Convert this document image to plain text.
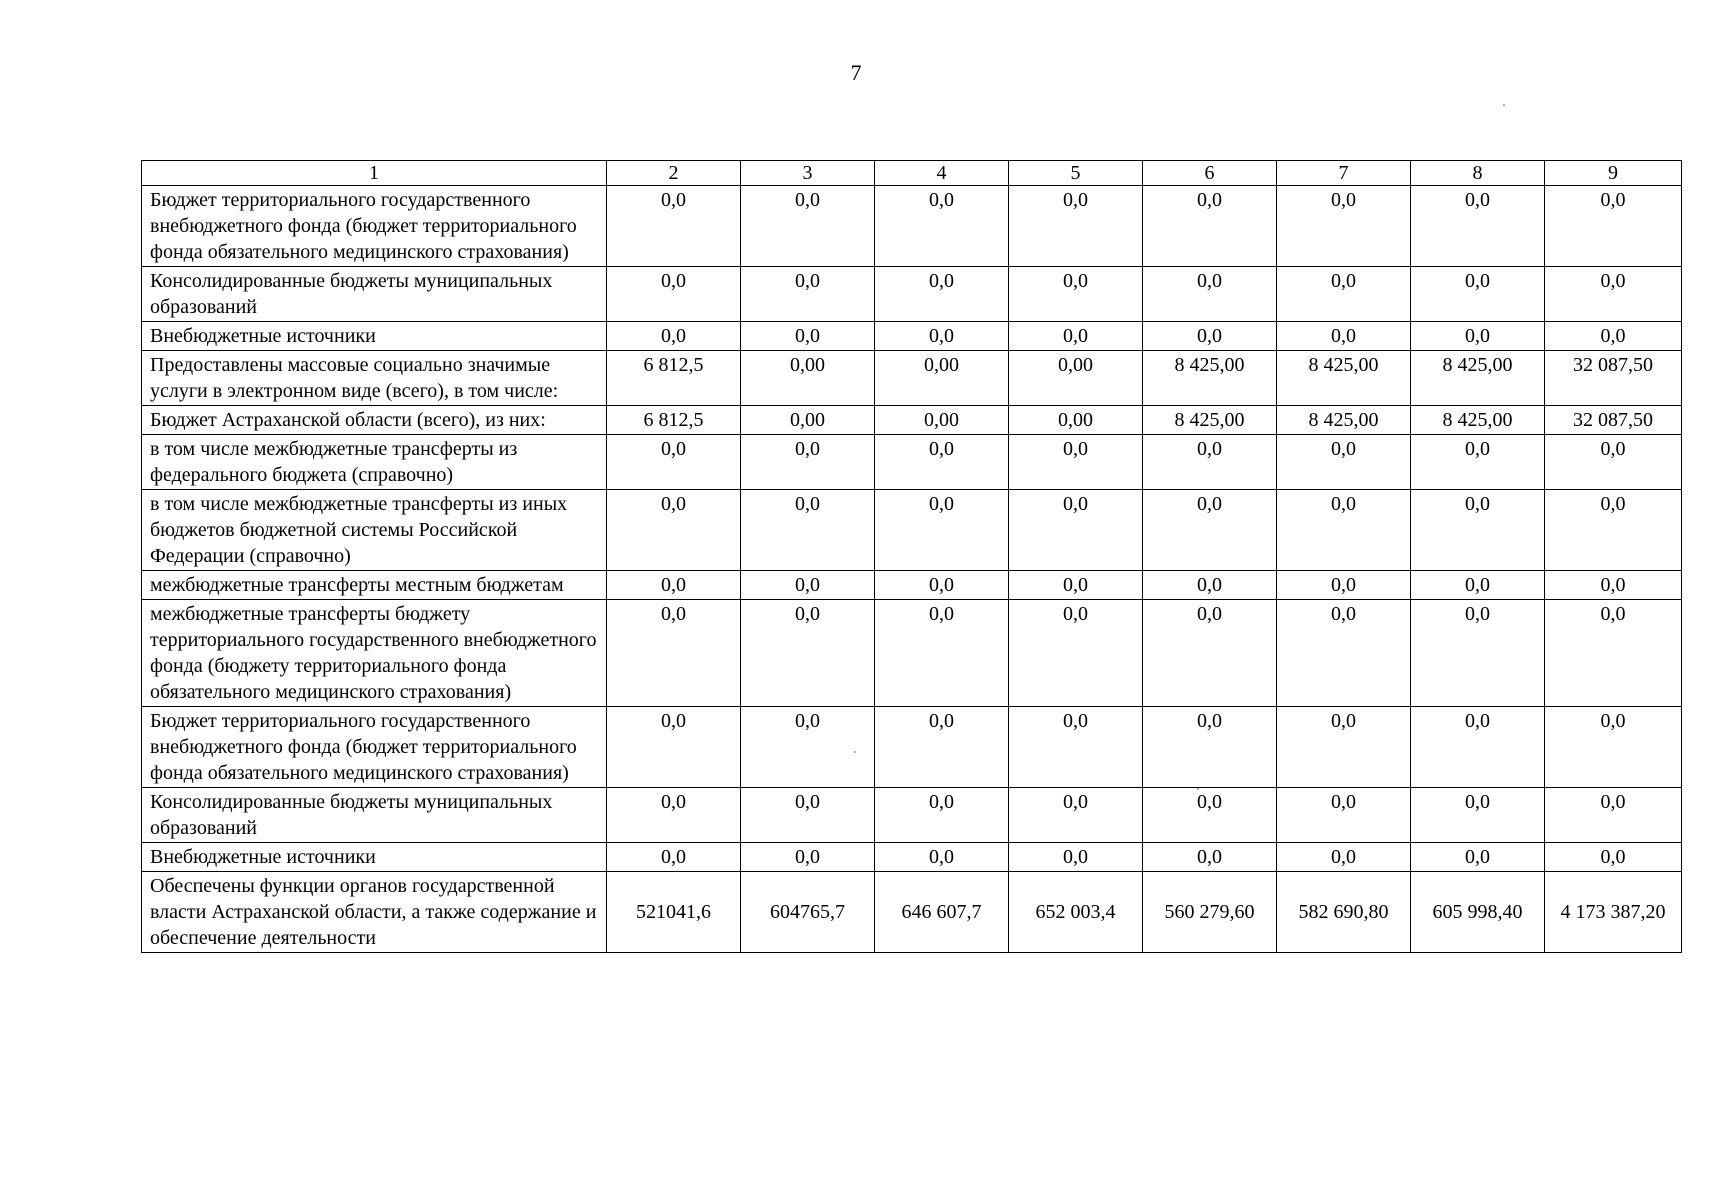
7
1	2	3	4	5	6	7	8	9
Бюджет территориального государственного внебюджетного фонда (бюджет территориального фонда обязательного медицинского страхования)	0,0	0,0	0,0	0,0	0,0	0,0	0,0	0,0
Консолидированные бюджеты муниципальных образований	0,0	0,0	0,0	0,0	0,0	0,0	0,0	0,0
Внебюджетные источники	0,0	0,0	0,0	0,0	0,0	0,0	0,0	0,0
Предоставлены массовые социально значимые услуги в электронном виде (всего), в том числе:	6 812,5	0,00	0,00	0,00	8 425,00	8 425,00	8 425,00	32 087,50
Бюджет Астраханской области (всего), из них:	6 812,5	0,00	0,00	0,00	8 425,00	8 425,00	8 425,00	32 087,50
в том числе межбюджетные трансферты из федерального бюджета (справочно)	0,0	0,0	0,0	0,0	0,0	0,0	0,0	0,0
в том числе межбюджетные трансферты из иных бюджетов бюджетной системы Российской Федерации (справочно)	0,0	0,0	0,0	0,0	0,0	0,0	0,0	0,0
межбюджетные трансферты местным бюджетам	0,0	0,0	0,0	0,0	0,0	0,0	0,0	0,0
межбюджетные трансферты бюджету территориального государственного внебюджетного фонда (бюджету территориального фонда обязательного медицинского страхования)	0,0	0,0	0,0	0,0	0,0	0,0	0,0	0,0
Бюджет территориального государственного внебюджетного фонда (бюджет территориального фонда обязательного медицинского страхования)	0,0	0,0	0,0	0,0	0,0	0,0	0,0	0,0
Консолидированные бюджеты муниципальных образований	0,0	0,0	0,0	0,0	0,0	0,0	0,0	0,0
Внебюджетные источники	0,0	0,0	0,0	0,0	0,0	0,0	0,0	0,0
Обеспечены функции органов государственной власти Астраханской области, а также содержание и обеспечение деятельности	521041,6	604765,7	646 607,7	652 003,4	560 279,60	582 690,80	605 998,40	4 173 387,20
